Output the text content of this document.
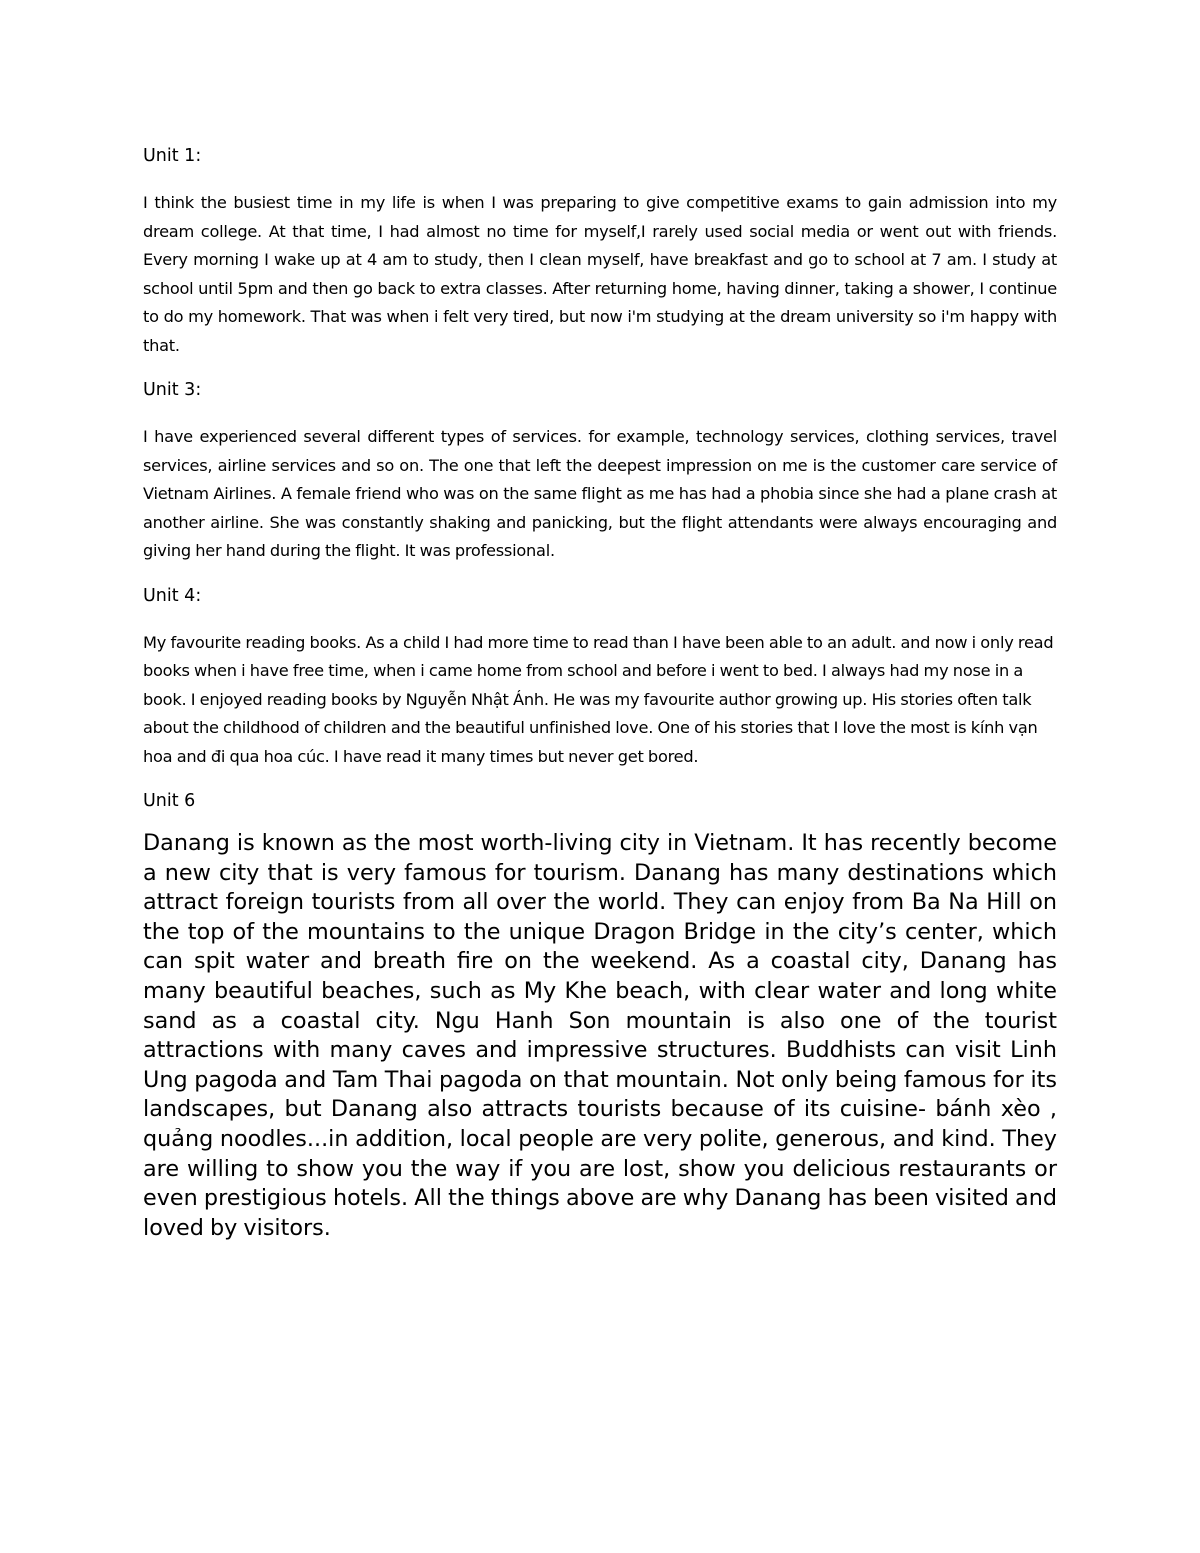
Unit 1:

I think the busiest time in my life is when I was preparing to give competitive exams to gain admission into my dream college. At that time, I had almost no time for myself,I rarely used social media or went out with friends. Every morning I wake up at 4 am to study, then I clean myself, have breakfast and go to school at 7 am. I study at school until 5pm and then go back to extra classes. After returning home, having dinner, taking a shower, I continue to do my homework. That was when i felt very tired, but now i'm studying at the dream university so i'm happy with that.

Unit 3:

I have experienced several different types of services. for example, technology services, clothing services, travel services, airline services and so on. The one that left the deepest impression on me is the customer care service of Vietnam Airlines. A female friend who was on the same flight as me has had a phobia since she had a plane crash at another airline. She was constantly shaking and panicking, but the flight attendants were always encouraging and giving her hand during the flight. It was professional.

Unit 4:

My favourite reading books. As a child I had more time to read than I have been able to an adult. and now i only read books when i have free time, when i came home from school and before i went to bed. I always had my nose in a book. I enjoyed reading books by Nguyễn Nhật Ánh. He was my favourite author growing up. His stories often talk about the childhood of children and the beautiful unfinished love. One of his stories that I love the most is kính vạn hoa and đi qua hoa cúc. I have read it many times but never get bored.

Unit 6

Danang is known as the most worth-living city in Vietnam. It has recently become a new city that is very famous for tourism. Danang has many destinations which attract foreign tourists from all over the world. They can enjoy from Ba Na Hill on the top of the mountains to the unique Dragon Bridge in the city’s center, which can spit water and breath fire on the weekend. As a coastal city, Danang has many beautiful beaches, such as My Khe beach, with clear water and long white sand as a coastal city. Ngu Hanh Son mountain is also one of the tourist attractions with many caves and impressive structures. Buddhists can visit Linh Ung pagoda and Tam Thai pagoda on that mountain. Not only being famous for its landscapes, but Danang also attracts tourists because of its cuisine- bánh xèo , quảng noodles...in addition, local people are very polite, generous, and kind. They are willing to show you the way if you are lost, show you delicious restaurants or even prestigious hotels. All the things above are why Danang has been visited and loved by visitors.
